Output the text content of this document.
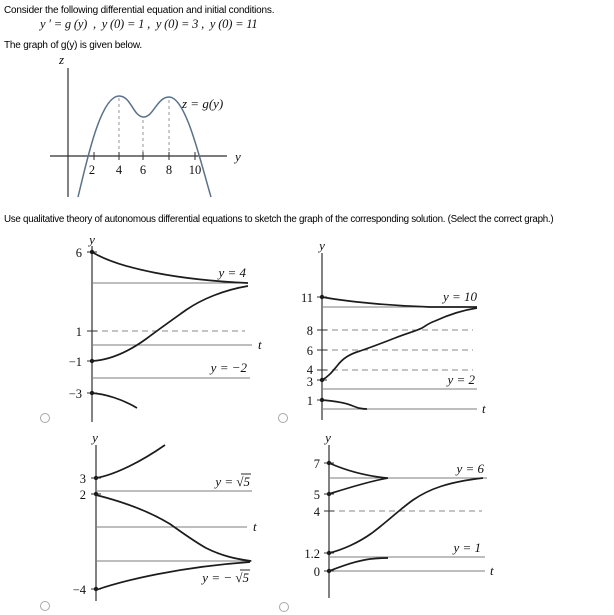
Consider the following differential equation and initial conditions.
y ′ = g (y)  ,  y (0) = 1 ,  y (0) = 3 ,  y (0) = 11
The graph of g(y) is given below.
Use qualitative theory of autonomous differential equations to sketch the graph of the corresponding solution. (Select the correct graph.)
z
y
2 4 6 8 10
z = g(y)
y
t
6
1
−1
−3
y = 4
y = −2
y
t
11
8
6
4
3
1
y = 10
y = 2
y
t
3
2
−4
y = √5
y = − √5
y
t
7
5
4
1.2
0
y = 6
y = 1
